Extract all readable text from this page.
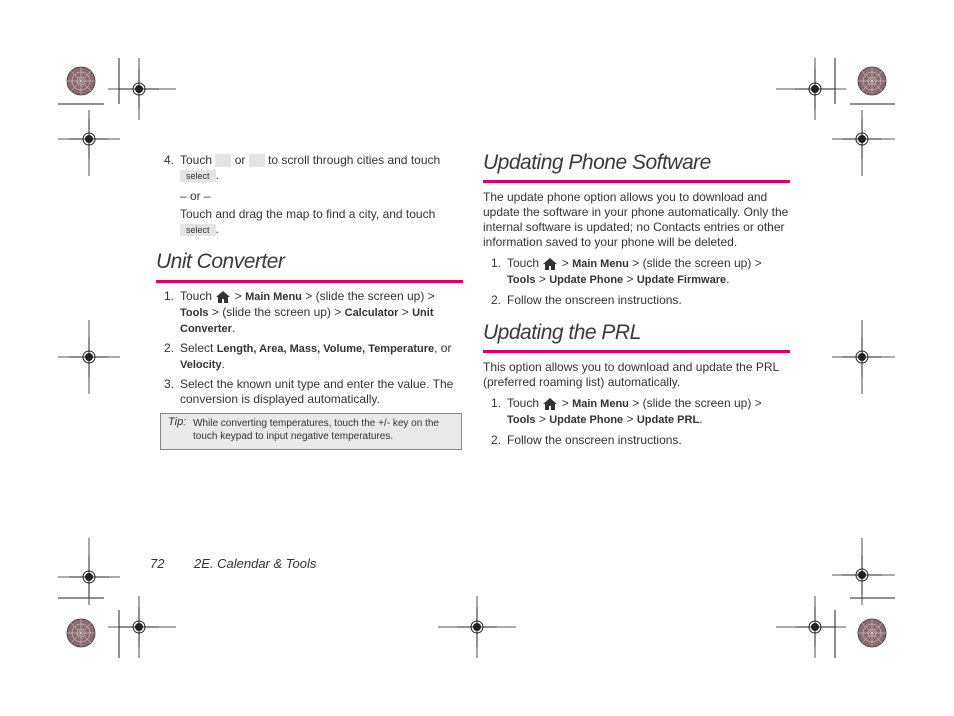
4. Touch or to scroll through cities and touch
select .
– or –
Touch and drag the map to find a city, and touch
select .
Unit Converter
1. Touch  > Main Menu > (slide the screen up) >
Tools > (slide the screen up) > Calculator > Unit Converter.
2. Select Length, Area, Mass, Volume, Temperature, or
Velocity.
3. Select the known unit type and enter the value. The conversion is displayed automatically.
Tip: While converting temperatures, touch the +/- key on the touch keypad to input negative temperatures.
Updating Phone Software
The update phone option allows you to download and update the software in your phone automatically. Only the internal software is updated; no Contacts entries or other information saved to your phone will be deleted.
1. Touch  > Main Menu > (slide the screen up) >
Tools > Update Phone > Update Firmware.
2. Follow the onscreen instructions.
Updating the PRL
This option allows you to download and update the PRL (preferred roaming list) automatically.
1. Touch  > Main Menu > (slide the screen up) >
Tools > Update Phone > Update PRL.
2. Follow the onscreen instructions.
72 2E. Calendar & Tools
